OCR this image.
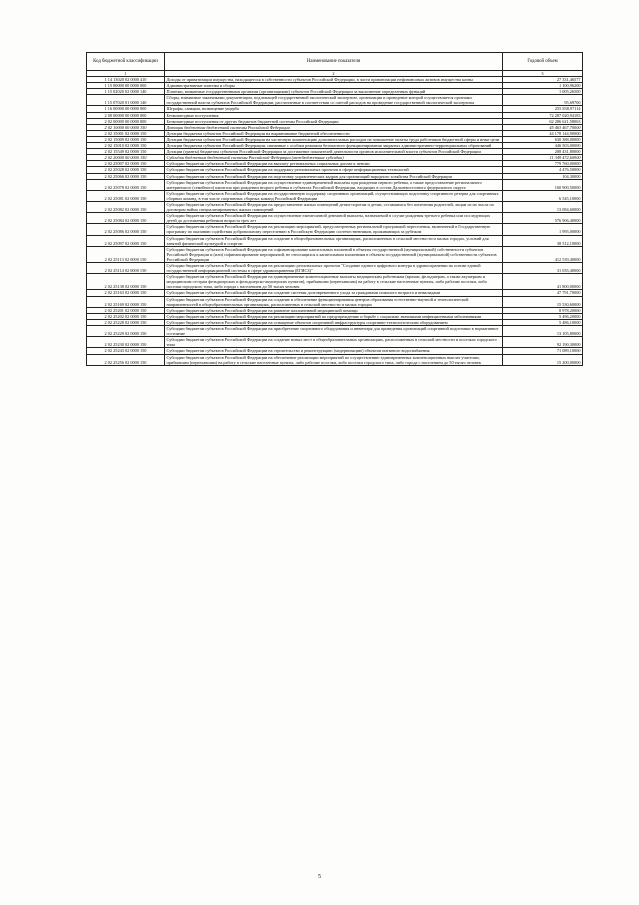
Код бюджетной классификации	Наименование показателя	Годовой объем
1	2	3
1 14 13020 02 0000 410	Доходы от приватизации имущества, находящегося в собственности субъектов Российской Федерации, в части приватизации нефинансовых активов имущества казны	27 331,46577
1 15 00000 00 0000 000	Административные платежи и сборы	1 100,96200
1 15 02020 02 0000 140	Платежи, взимаемые государственными органами (организациями) субъектов Российской Федерации за выполнение определенных функций	1 005,26500
1 15 07020 01 0000 140	Сборы, взимаемые заказчиками документации, подлежащей государственной экологической экспертизе, организация и проведение которой осуществляется органами государственной власти субъектов Российской Федерации, рассчитанные в соответствии со сметой расходов на проведение государственной экологической экспертизы	95,69700
1 16 00000 00 0000 000	Штрафы, санкции, возмещение ущерба	255 838,97114
2 00 00000 00 0000 000	Безвозмездные поступления	72 287 020,94183
2 02 00000 00 0000 000	Безвозмездные поступления от других бюджетов бюджетной системы Российской Федерации	62 286 621,58063
2 02 10000 00 0000 150	Дотации бюджетам бюджетной системы Российской Федерации	45 463 467,70000
2 02 15001 02 0000 150	Дотации бюджетам субъектов Российской Федерации на выравнивание бюджетной обеспеченности	44 178 144,90000
2 02 15009 02 0000 150	Дотации бюджетам субъектов Российской Федерации на частичную компенсацию дополнительных расходов на повышение оплаты труда работников бюджетной сферы и иные цели	630 388,00000
2 02 15010 02 0000 150	Дотации бюджетам субъектов Российской Федерации, связанные с особым режимом безопасного функционирования закрытых административно-территориальных образований	446 503,00000
2 02 15549 02 0000 150	Дотации (гранты) бюджетам субъектов Российской Федерации за достижение показателей деятельности органов исполнительной власти субъектов Российской Федерации	208 431,80000
2 02 20000 00 0000 150	Субсидии бюджетам бюджетной системы Российской Федерации (межбюджетные субсидии)	11 349 472,60900
2 02 25007 02 0000 150	Субсидии бюджетам субъектов Российской Федерации на выплату региональных социальных доплат к пенсии	779 760,00000
2 02 25028 02 0000 150	Субсидии бюджетам субъектов Российской Федерации на поддержку региональных проектов в сфере информационных технологий	4 476,50000
2 02 25066 02 0000 150	Субсидии бюджетам субъектов Российской Федерации на подготовку управленческих кадров для организаций народного хозяйства Российской Федерации	104,30000
2 02 25078 02 0000 150	Субсидии бюджетам субъектов Российской Федерации на осуществление единовременной выплаты при рождении первого ребенка, а также предоставление регионального материнского (семейного) капитала при рождении второго ребенка в субъектах Российской Федерации, входящих в состав Дальневосточного федерального округа	160 900,50000
2 02 25081 02 0000 150	Субсидии бюджетам субъектов Российской Федерации на государственную поддержку спортивных организаций, осуществляющих подготовку спортивного резерва для спортивных сборных команд, в том числе спортивных сборных команд Российской Федерации	6 545,10000
2 02 25082 02 0000 150	Субсидии бюджетам субъектов Российской Федерации на предоставление жилых помещений детям-сиротам и детям, оставшимся без попечения родителей, лицам из их числа по договорам найма специализированных жилых помещений	13 084,60000
2 02 25084 02 0000 150	Субсидии бюджетам субъектов Российской Федерации на осуществление ежемесячной денежной выплаты, назначаемой в случае рождения третьего ребенка или последующих детей до достижения ребенком возраста трех лет	576 906,40000
2 02 25086 02 0000 150	Субсидии бюджетам субъектов Российской Федерации на реализацию мероприятий, предусмотренных региональной программой переселения, включенной в Государственную программу по оказанию содействия добровольному переселению в Российскую Федерацию соотечественников, проживающих за рубежом	1 995,00000
2 02 25097 02 0000 150	Субсидии бюджетам субъектов Российской Федерации на создание в общеобразовательных организациях, расположенных в сельской местности и малых городах, условий для занятий физической культурой и спортом	38 512,10000
2 02 25113 02 0000 150	Субсидии бюджетам субъектов Российской Федерации на софинансирование капитальных вложений в объекты государственной (муниципальной) собственности субъектов Российской Федерации и (или) софинансирование мероприятий, не относящихся к капитальным вложениям в объекты государственной (муниципальной) собственности субъектов Российской Федерации	412 539,40000
2 02 25114 02 0000 150	Субсидии бюджетам субъектов Российской Федерации на реализацию региональных проектов "Создание единого цифрового контура в здравоохранении на основе единой государственной информационной системы в сфере здравоохранения (ЕГИСЗ)"	31 035,40000
2 02 25138 02 0000 150	Субсидии бюджетам субъектов Российской Федерации на единовременные компенсационные выплаты медицинским работникам (врачам, фельдшерам, а также акушеркам и медицинским сестрам фельдшерских и фельдшерско-акушерских пунктов), прибывшим (переехавшим) на работу в сельские населенные пункты, либо рабочие поселки, либо поселки городского типа, либо города с населением до 50 тысяч человек	41 800,00000
2 02 25163 02 0000 150	Субсидии бюджетам субъектов Российской Федерации на создание системы долговременного ухода за гражданами пожилого возраста и инвалидами	47 791,70000
2 02 25169 02 0000 150	Субсидии бюджетам субъектов Российской Федерации на создание и обеспечение функционирования центров образования естественно-научной и технологической направленностей в общеобразовательных организациях, расположенных в сельской местности и малых городах	15 530,60000
2 02 25201 02 0000 150	Субсидии бюджетам субъектов Российской Федерации на развитие паллиативной медицинской помощи	8 978,20000
2 02 25202 02 0000 150	Субсидии бюджетам субъектов Российской Федерации на реализацию мероприятий по предупреждению и борьбе с социально значимыми инфекционными заболеваниями	5 496,20000
2 02 25228 02 0000 150	Субсидии бюджетам субъектов Российской Федерации на оснащение объектов спортивной инфраструктуры спортивно-технологическим оборудованием	5 486,10000
2 02 25229 02 0000 150	Субсидии бюджетам субъектов Российской Федерации на приобретение спортивного оборудования и инвентаря для приведения организаций спортивной подготовки в нормативное состояние	13 105,80000
2 02 25230 02 0000 150	Субсидии бюджетам субъектов Российской Федерации на создание новых мест в общеобразовательных организациях, расположенных в сельской местности и поселках городского типа	92 190,30000
2 02 25243 02 0000 150	Субсидии бюджетам субъектов Российской Федерации на строительство и реконструкцию (модернизацию) объектов питьевого водоснабжения	71 089,10000
2 02 25256 02 0000 150	Субсидии бюджетам субъектов Российской Федерации на обеспечение реализации мероприятий по осуществлению единовременных компенсационных выплат учителям, прибывшим (переехавшим) на работу в сельские населенные пункты, либо рабочие поселки, либо поселки городского типа, либо города с населением до 50 тысяч человек	15 200,00000
5
